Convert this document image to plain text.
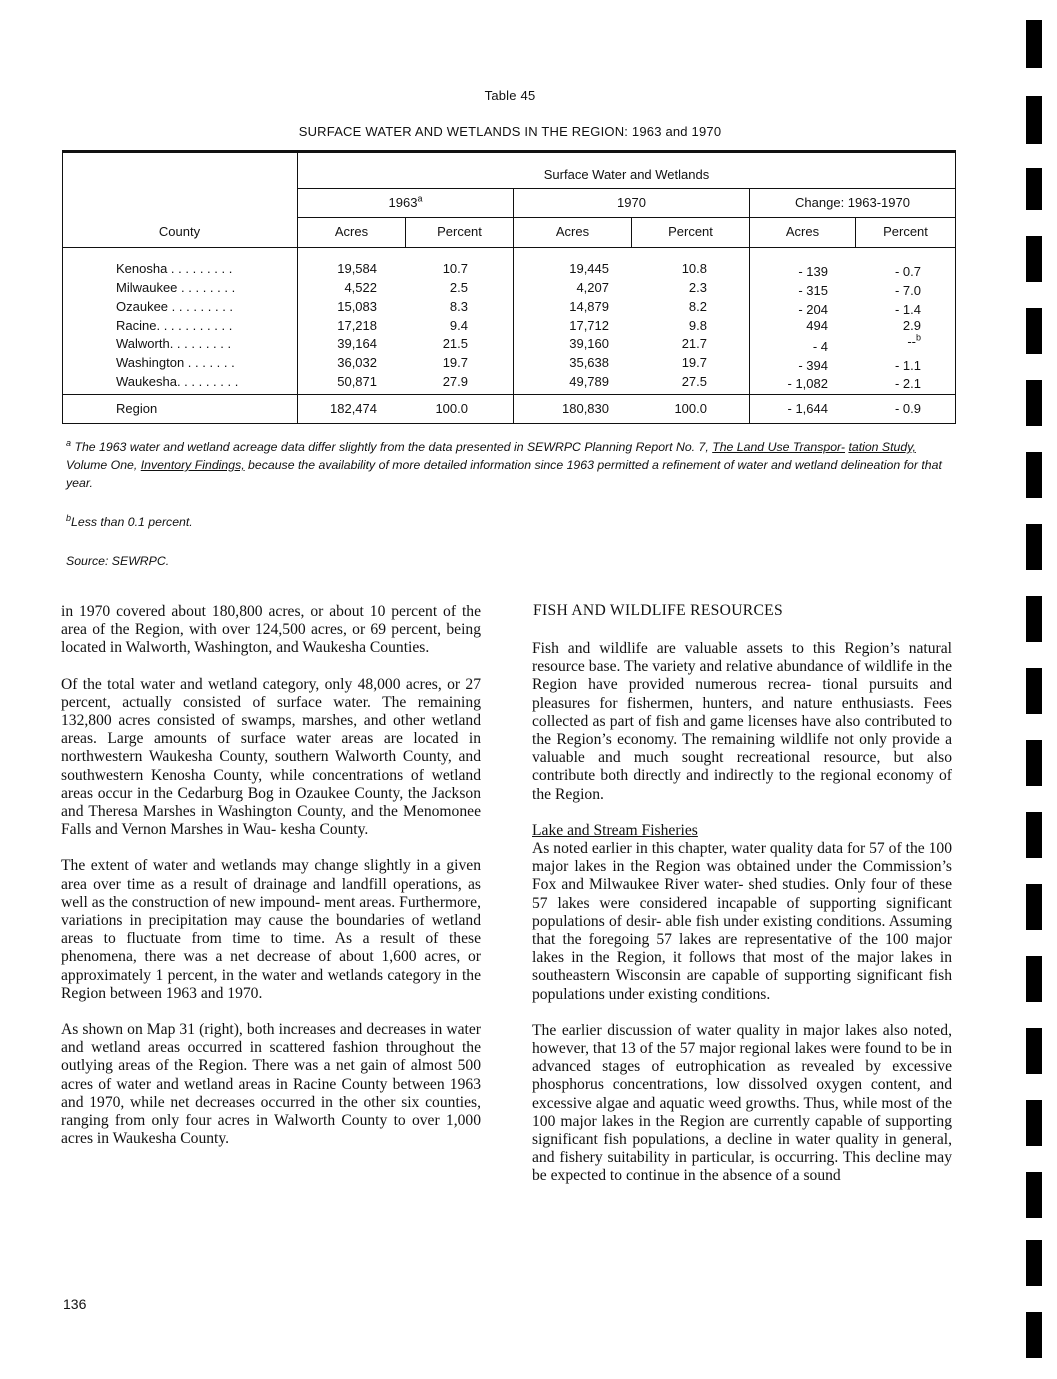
Table 45
SURFACE WATER AND WETLANDS IN THE REGION: 1963 and 1970
Surface Water and Wetlands
County
1963$^a$	1970	Change: 1963-1970
Acres	Percent	Acres	Percent	Acres	Percent
Kenosha . . . . . . . . .	19,584	10.7	19,445	10.8	- 139	- 0.7
Milwaukee . . . . . . . .	4,522	2.5	4,207	2.3	- 315	- 7.0
Ozaukee . . . . . . . . .	15,083	8.3	14,879	8.2	- 204	- 1.4
Racine. . . . . . . . . . .	17,218	9.4	17,712	9.8	494	2.9
Walworth. . . . . . . . .	39,164	21.5	39,160	21.7	- 4	--$^b$
Washington . . . . . . .	36,032	19.7	35,638	19.7	- 394	- 1.1
Waukesha. . . . . . . . .	50,871	27.9	49,789	27.5	- 1,082	- 2.1
Region	182,474	100.0	180,830	100.0	- 1,644	- 0.9
$^a$ The 1963 water and wetland acreage data differ slightly from the data presented in SEWRPC Planning Report No. 7, The Land Use Transpor- tation Study, Volume One, Inventory Findings, because the availability of more detailed information since 1963 permitted a refinement of water and wetland delineation for that year.
$^b$Less than 0.1 percent.
Source: SEWRPC.

in 1970 covered about 180,800 acres, or about 10 percent of the area of the Region, with over 124,500 acres, or 69 percent, being located in Walworth, Washington, and Waukesha Counties.

Of the total water and wetland category, only 48,000 acres, or 27 percent, actually consisted of surface water. The remaining 132,800 acres consisted of swamps, marshes, and other wetland areas. Large amounts of surface water areas are located in northwestern Waukesha County, southern Walworth County, and southwestern Kenosha County, while concentrations of wetland areas occur in the Cedarburg Bog in Ozaukee County, the Jackson and Theresa Marshes in Washington County, and the Menomonee Falls and Vernon Marshes in Wau- kesha County.

The extent of water and wetlands may change slightly in a given area over time as a result of drainage and landfill operations, as well as the construction of new impound- ment areas. Furthermore, variations in precipitation may cause the boundaries of wetland areas to fluctuate from time to time. As a result of these phenomena, there was a net decrease of about 1,600 acres, or approximately 1 percent, in the water and wetlands category in the Region between 1963 and 1970.

As shown on Map 31 (right), both increases and decreases in water and wetland areas occurred in scattered fashion throughout the outlying areas of the Region. There was a net gain of almost 500 acres of water and wetland areas in Racine County between 1963 and 1970, while net decreases occurred in the other six counties, ranging from only four acres in Walworth County to over 1,000 acres in Waukesha County.

FISH AND WILDLIFE RESOURCES

Fish and wildlife are valuable assets to this Region’s natural resource base. The variety and relative abundance of wildlife in the Region have provided numerous recrea- tional pursuits and pleasures for fishermen, hunters, and nature enthusiasts. Fees collected as part of fish and game licenses have also contributed to the Region’s economy. The remaining wildlife not only provide a valuable and much sought recreational resource, but also contribute both directly and indirectly to the regional economy of the Region.

Lake and Stream Fisheries

As noted earlier in this chapter, water quality data for 57 of the 100 major lakes in the Region was obtained under the Commission’s Fox and Milwaukee River water- shed studies. Only four of these 57 lakes were considered incapable of supporting significant populations of desir- able fish under existing conditions. Assuming that the foregoing 57 lakes are representative of the 100 major lakes in the Region, it follows that most of the major lakes in southeastern Wisconsin are capable of supporting significant fish populations under existing conditions.

The earlier discussion of water quality in major lakes also noted, however, that 13 of the 57 major regional lakes were found to be in advanced stages of eutrophication as revealed by excessive phosphorus concentrations, low dissolved oxygen content, and excessive algae and aquatic weed growths. Thus, while most of the 100 major lakes in the Region are currently capable of supporting significant fish populations, a decline in water quality in general, and fishery suitability in particular, is occurring. This decline may be expected to continue in the absence of a sound

136
